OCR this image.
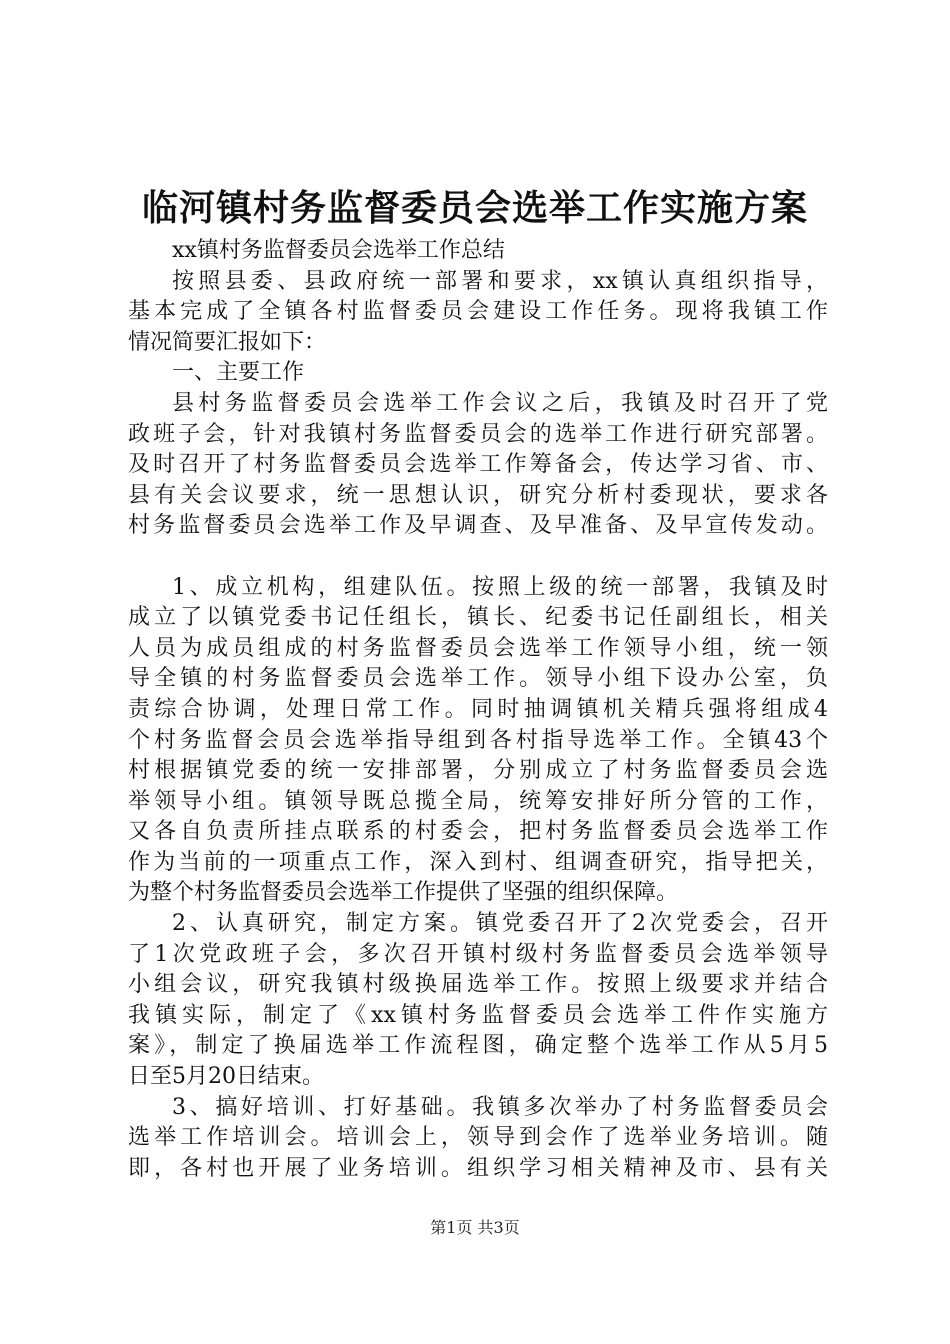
临河镇村务监督委员会选举工作实施方案
xx镇村务监督委员会选举工作总结
按照县委、县政府统一部署和要求，xx镇认真组织指导，
基本完成了全镇各村监督委员会建设工作任务。现将我镇工作
情况简要汇报如下：
一、主要工作
县村务监督委员会选举工作会议之后，我镇及时召开了党
政班子会，针对我镇村务监督委员会的选举工作进行研究部署。
及时召开了村务监督委员会选举工作筹备会，传达学习省、市、
县有关会议要求，统一思想认识，研究分析村委现状，要求各
村务监督委员会选举工作及早调查、及早准备、及早宣传发动。
1、成立机构，组建队伍。按照上级的统一部署，我镇及时
成立了以镇党委书记任组长，镇长、纪委书记任副组长，相关
人员为成员组成的村务监督委员会选举工作领导小组，统一领
导全镇的村务监督委员会选举工作。领导小组下设办公室，负
责综合协调，处理日常工作。同时抽调镇机关精兵强将组成4
个村务监督会员会选举指导组到各村指导选举工作。全镇43个
村根据镇党委的统一安排部署，分别成立了村务监督委员会选
举领导小组。镇领导既总揽全局，统筹安排好所分管的工作，
又各自负责所挂点联系的村委会，把村务监督委员会选举工作
作为当前的一项重点工作，深入到村、组调查研究，指导把关，
为整个村务监督委员会选举工作提供了坚强的组织保障。
2、认真研究，制定方案。镇党委召开了2次党委会，召开
了1次党政班子会，多次召开镇村级村务监督委员会选举领导
小组会议，研究我镇村级换届选举工作。按照上级要求并结合
我镇实际，制定了《xx镇村务监督委员会选举工件作实施方
案》，制定了换届选举工作流程图，确定整个选举工作从5月5
日至5月20日结束。
3、搞好培训、打好基础。我镇多次举办了村务监督委员会
选举工作培训会。培训会上，领导到会作了选举业务培训。随
即，各村也开展了业务培训。组织学习相关精神及市、县有关
第1页 共3页
